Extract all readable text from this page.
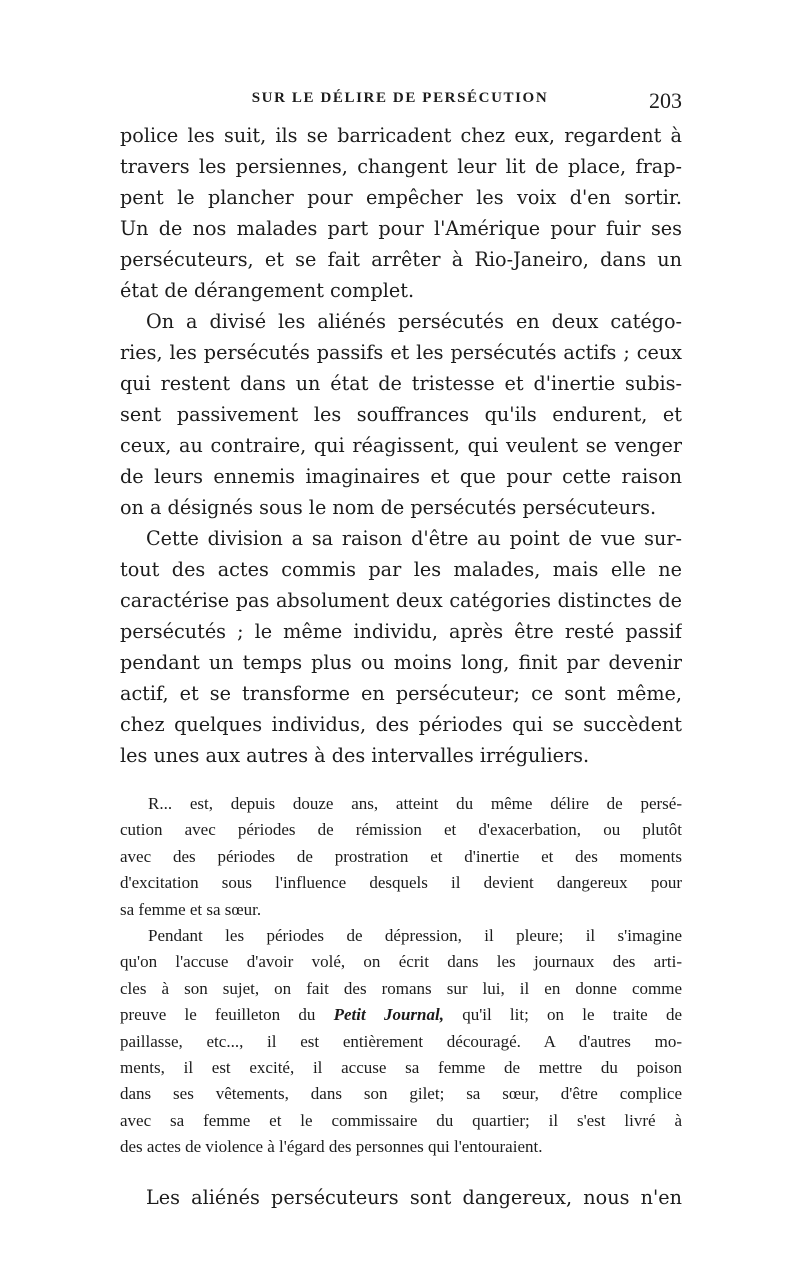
SUR LE DÉLIRE DE PERSÉCUTION	203
police les suit, ils se barricadent chez eux, regardent à
travers les persiennes, changent leur lit de place, frap-
pent le plancher pour empêcher les voix d'en sortir.
Un de nos malades part pour l'Amérique pour fuir ses
persécuteurs, et se fait arrêter à Rio-Janeiro, dans un
état de dérangement complet.
On a divisé les aliénés persécutés en deux catégo-
ries, les persécutés passifs et les persécutés actifs ; ceux
qui restent dans un état de tristesse et d'inertie subis-
sent passivement les souffrances qu'ils endurent, et
ceux, au contraire, qui réagissent, qui veulent se venger
de leurs ennemis imaginaires et que pour cette raison
on a désignés sous le nom de persécutés persécuteurs.
Cette division a sa raison d'être au point de vue sur-
tout des actes commis par les malades, mais elle ne
caractérise pas absolument deux catégories distinctes de
persécutés ; le même individu, après être resté passif
pendant un temps plus ou moins long, finit par devenir
actif, et se transforme en persécuteur; ce sont même,
chez quelques individus, des périodes qui se succèdent
les unes aux autres à des intervalles irréguliers.
R... est, depuis douze ans, atteint du même délire de persé-
cution avec périodes de rémission et d'exacerbation, ou plutôt
avec des périodes de prostration et d'inertie et des moments
d'excitation sous l'influence desquels il devient dangereux pour
sa femme et sa sœur.
Pendant les périodes de dépression, il pleure; il s'imagine
qu'on l'accuse d'avoir volé, on écrit dans les journaux des arti-
cles à son sujet, on fait des romans sur lui, il en donne comme
preuve le feuilleton du Petit Journal, qu'il lit; on le traite de
paillasse, etc..., il est entièrement découragé. A d'autres mo-
ments, il est excité, il accuse sa femme de mettre du poison
dans ses vêtements, dans son gilet; sa sœur, d'être complice
avec sa femme et le commissaire du quartier; il s'est livré à
des actes de violence à l'égard des personnes qui l'entouraient.
Les aliénés persécuteurs sont dangereux, nous n'en
